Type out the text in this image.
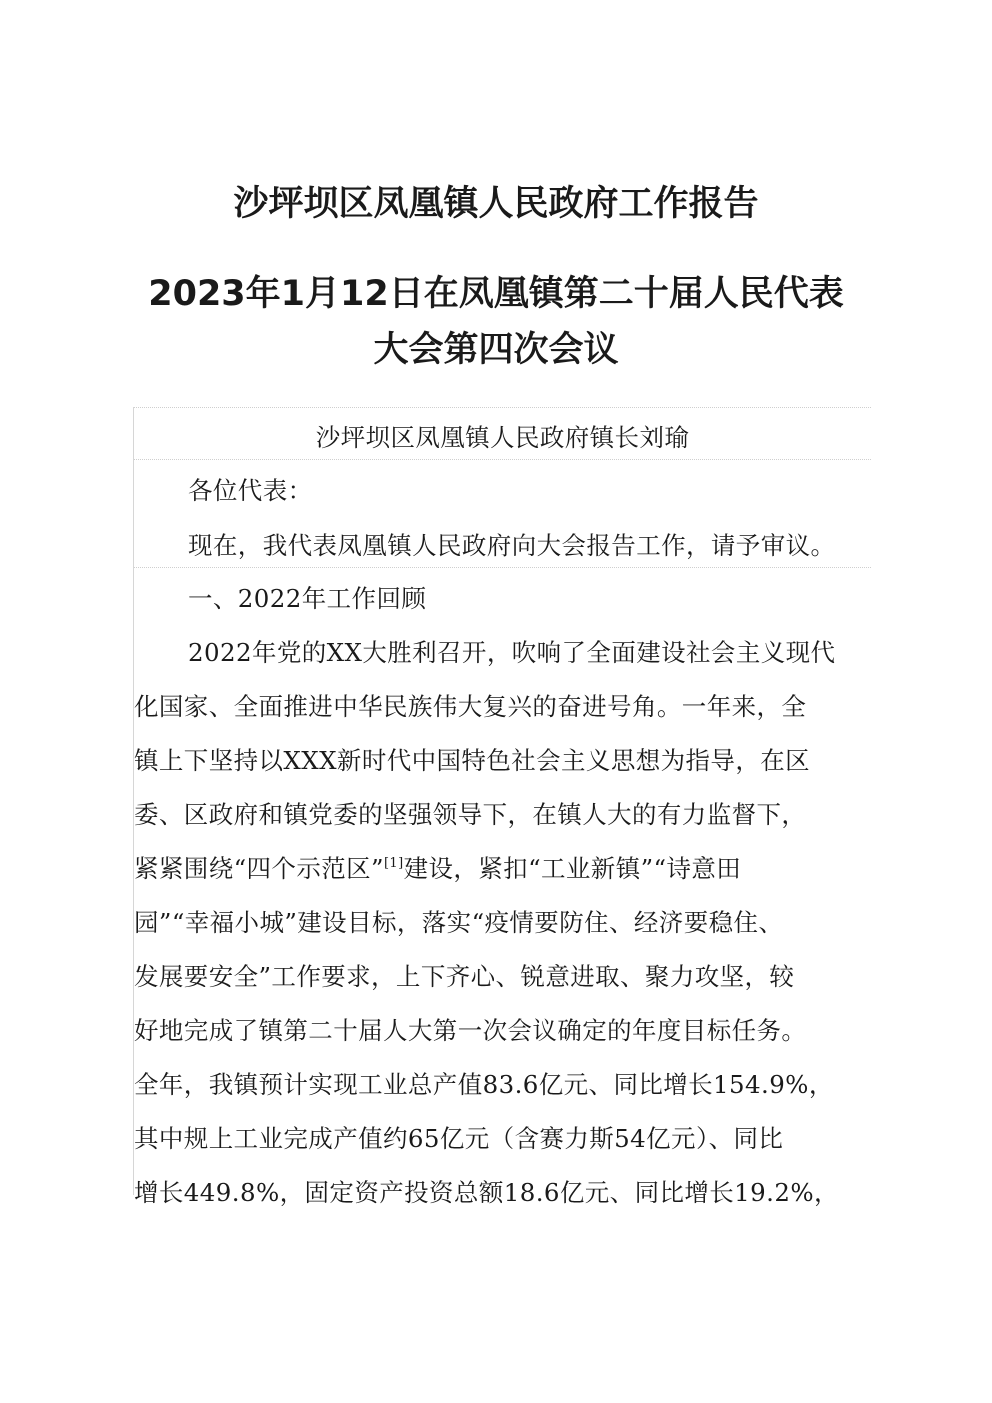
沙坪坝区凤凰镇人民政府工作报告
2023年1月12日在凤凰镇第二十届人民代表
大会第四次会议
沙坪坝区凤凰镇人民政府镇长刘瑜
各位代表：
现在，我代表凤凰镇人民政府向大会报告工作，请予审议。
一、2022年工作回顾
2022年党的XX大胜利召开，吹响了全面建设社会主义现代
化国家、全面推进中华民族伟大复兴的奋进号角。一年来，全
镇上下坚持以XXX新时代中国特色社会主义思想为指导，在区
委、区政府和镇党委的坚强领导下，在镇人大的有力监督下，
紧紧围绕“四个示范区”[1]建设，紧扣“工业新镇”“诗意田
园”“幸福小城”建设目标，落实“疫情要防住、经济要稳住、
发展要安全”工作要求，上下齐心、锐意进取、聚力攻坚，较
好地完成了镇第二十届人大第一次会议确定的年度目标任务。
全年，我镇预计实现工业总产值83.6亿元、同比增长154.9%，
其中规上工业完成产值约65亿元（含赛力斯54亿元）、同比
增长449.8%，固定资产投资总额18.6亿元、同比增长19.2%，
